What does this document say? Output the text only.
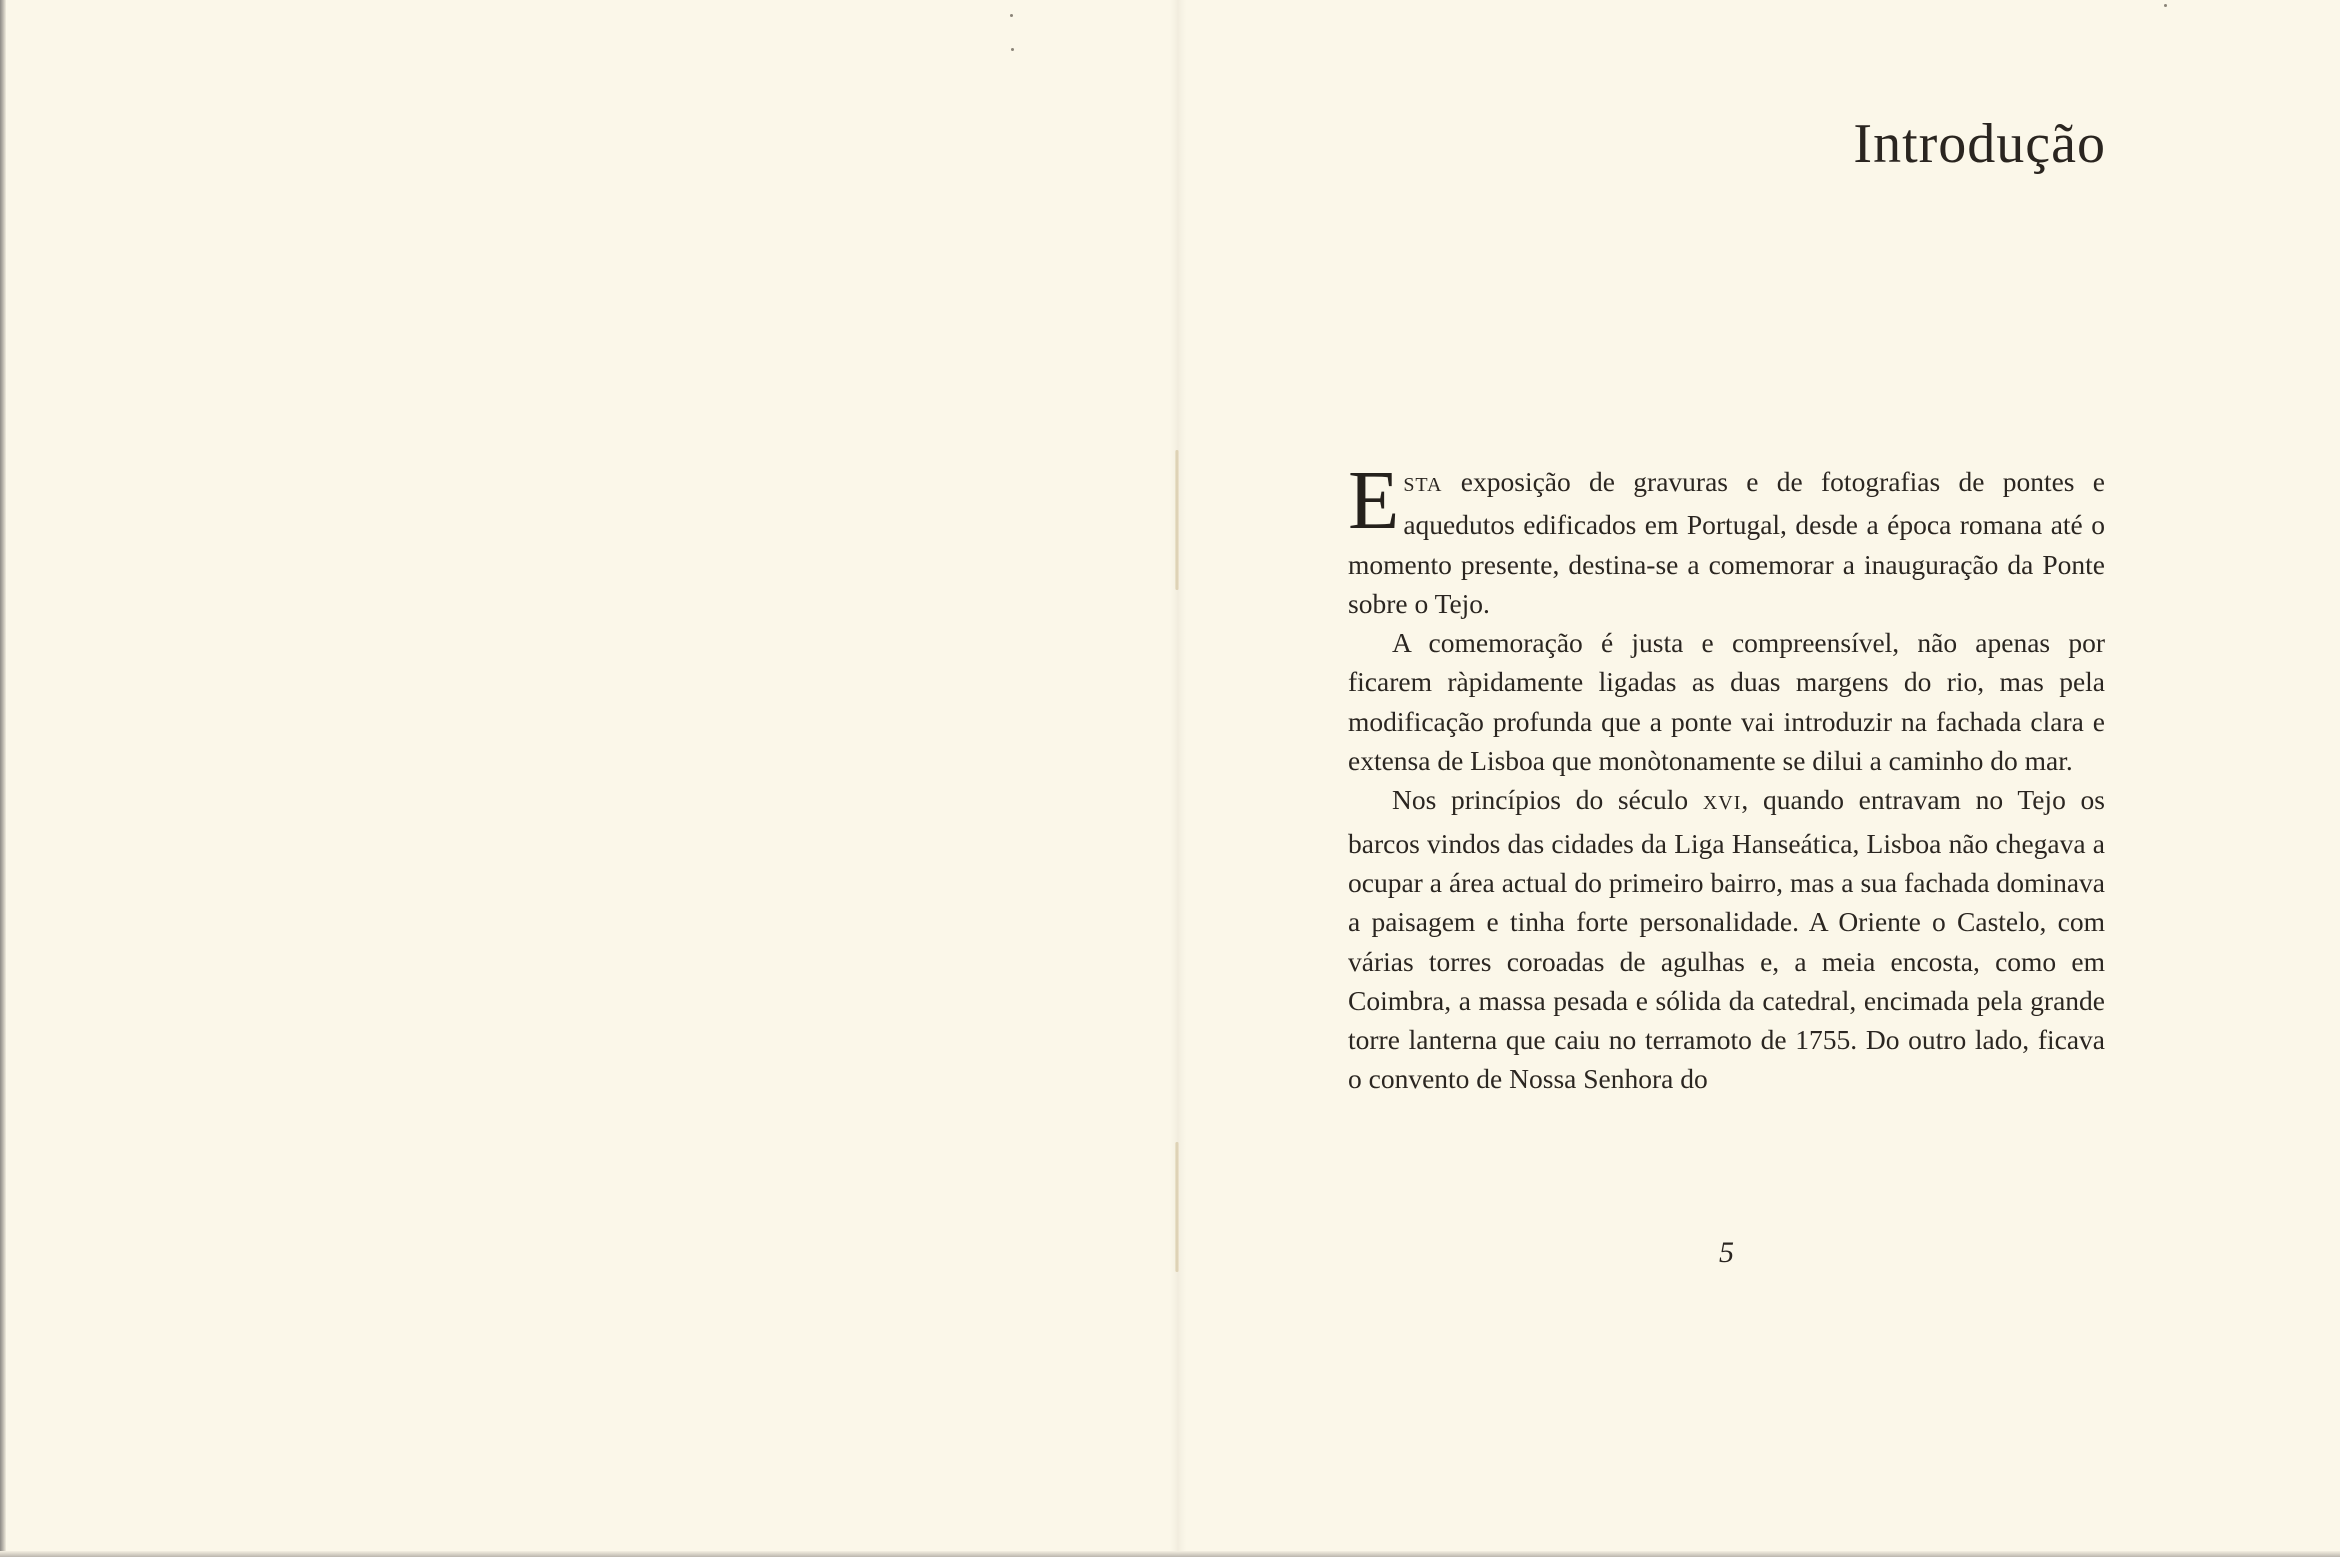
Introdução

ESTA exposição de gravuras e de fotografias de pontes e aquedutos edificados em Portugal, desde a época romana até o momento presente, destina-se a comemorar a inauguração da Ponte sobre o Tejo.

A comemoração é justa e compreensível, não apenas por ficarem ràpidamente ligadas as duas margens do rio, mas pela modificação profunda que a ponte vai introduzir na fachada clara e extensa de Lisboa que monòtonamente se dilui a caminho do mar.

Nos princípios do século XVI, quando entravam no Tejo os barcos vindos das cidades da Liga Hanseática, Lisboa não chegava a ocupar a área actual do primeiro bairro, mas a sua fachada dominava a paisagem e tinha forte personalidade. A Oriente o Castelo, com várias torres coroadas de agulhas e, a meia encosta, como em Coimbra, a massa pesada e sólida da catedral, encimada pela grande torre lanterna que caiu no terramoto de 1755. Do outro lado, ficava o convento de Nossa Senhora do

5
